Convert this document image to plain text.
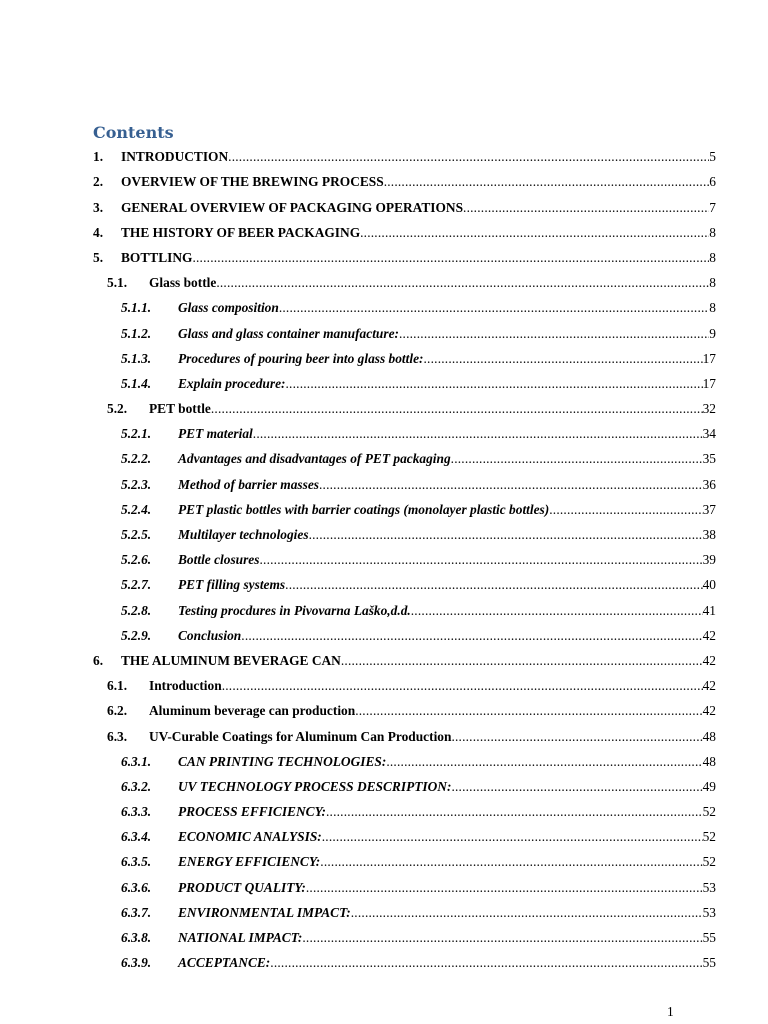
Contents
1. INTRODUCTION .....	5
2. OVERVIEW OF THE BREWING PROCESS .....	6
3. GENERAL OVERVIEW OF PACKAGING OPERATIONS .....	7
4. THE HISTORY OF BEER PACKAGING .....	8
5. BOTTLING .....	8
5.1. Glass bottle .....	8
5.1.1. Glass composition .....	8
5.1.2. Glass and glass container manufacture: .....	9
5.1.3. Procedures of pouring beer into glass bottle: .....	17
5.1.4. Explain procedure: .....	17
5.2. PET bottle .....	32
5.2.1. PET material .....	34
5.2.2. Advantages and disadvantages of PET packaging .....	35
5.2.3. Method of barrier masses .....	36
5.2.4. PET plastic bottles with barrier coatings (monolayer plastic bottles) .....	37
5.2.5. Multilayer technologies .....	38
5.2.6. Bottle closures .....	39
5.2.7. PET filling systems .....	40
5.2.8. Testing procdures in Pivovarna Laško,d.d. .....	41
5.2.9. Conclusion .....	42
6. THE ALUMINUM BEVERAGE CAN .....	42
6.1. Introduction .....	42
6.2. Aluminum beverage can production .....	42
6.3. UV-Curable Coatings for Aluminum Can Production .....	48
6.3.1. CAN PRINTING TECHNOLOGIES: .....	48
6.3.2. UV TECHNOLOGY PROCESS DESCRIPTION: .....	49
6.3.3. PROCESS EFFICIENCY: .....	52
6.3.4. ECONOMIC ANALYSIS: .....	52
6.3.5. ENERGY EFFICIENCY: .....	52
6.3.6. PRODUCT QUALITY: .....	53
6.3.7. ENVIRONMENTAL IMPACT: .....	53
6.3.8. NATIONAL IMPACT: .....	55
6.3.9. ACCEPTANCE: .....	55
1
